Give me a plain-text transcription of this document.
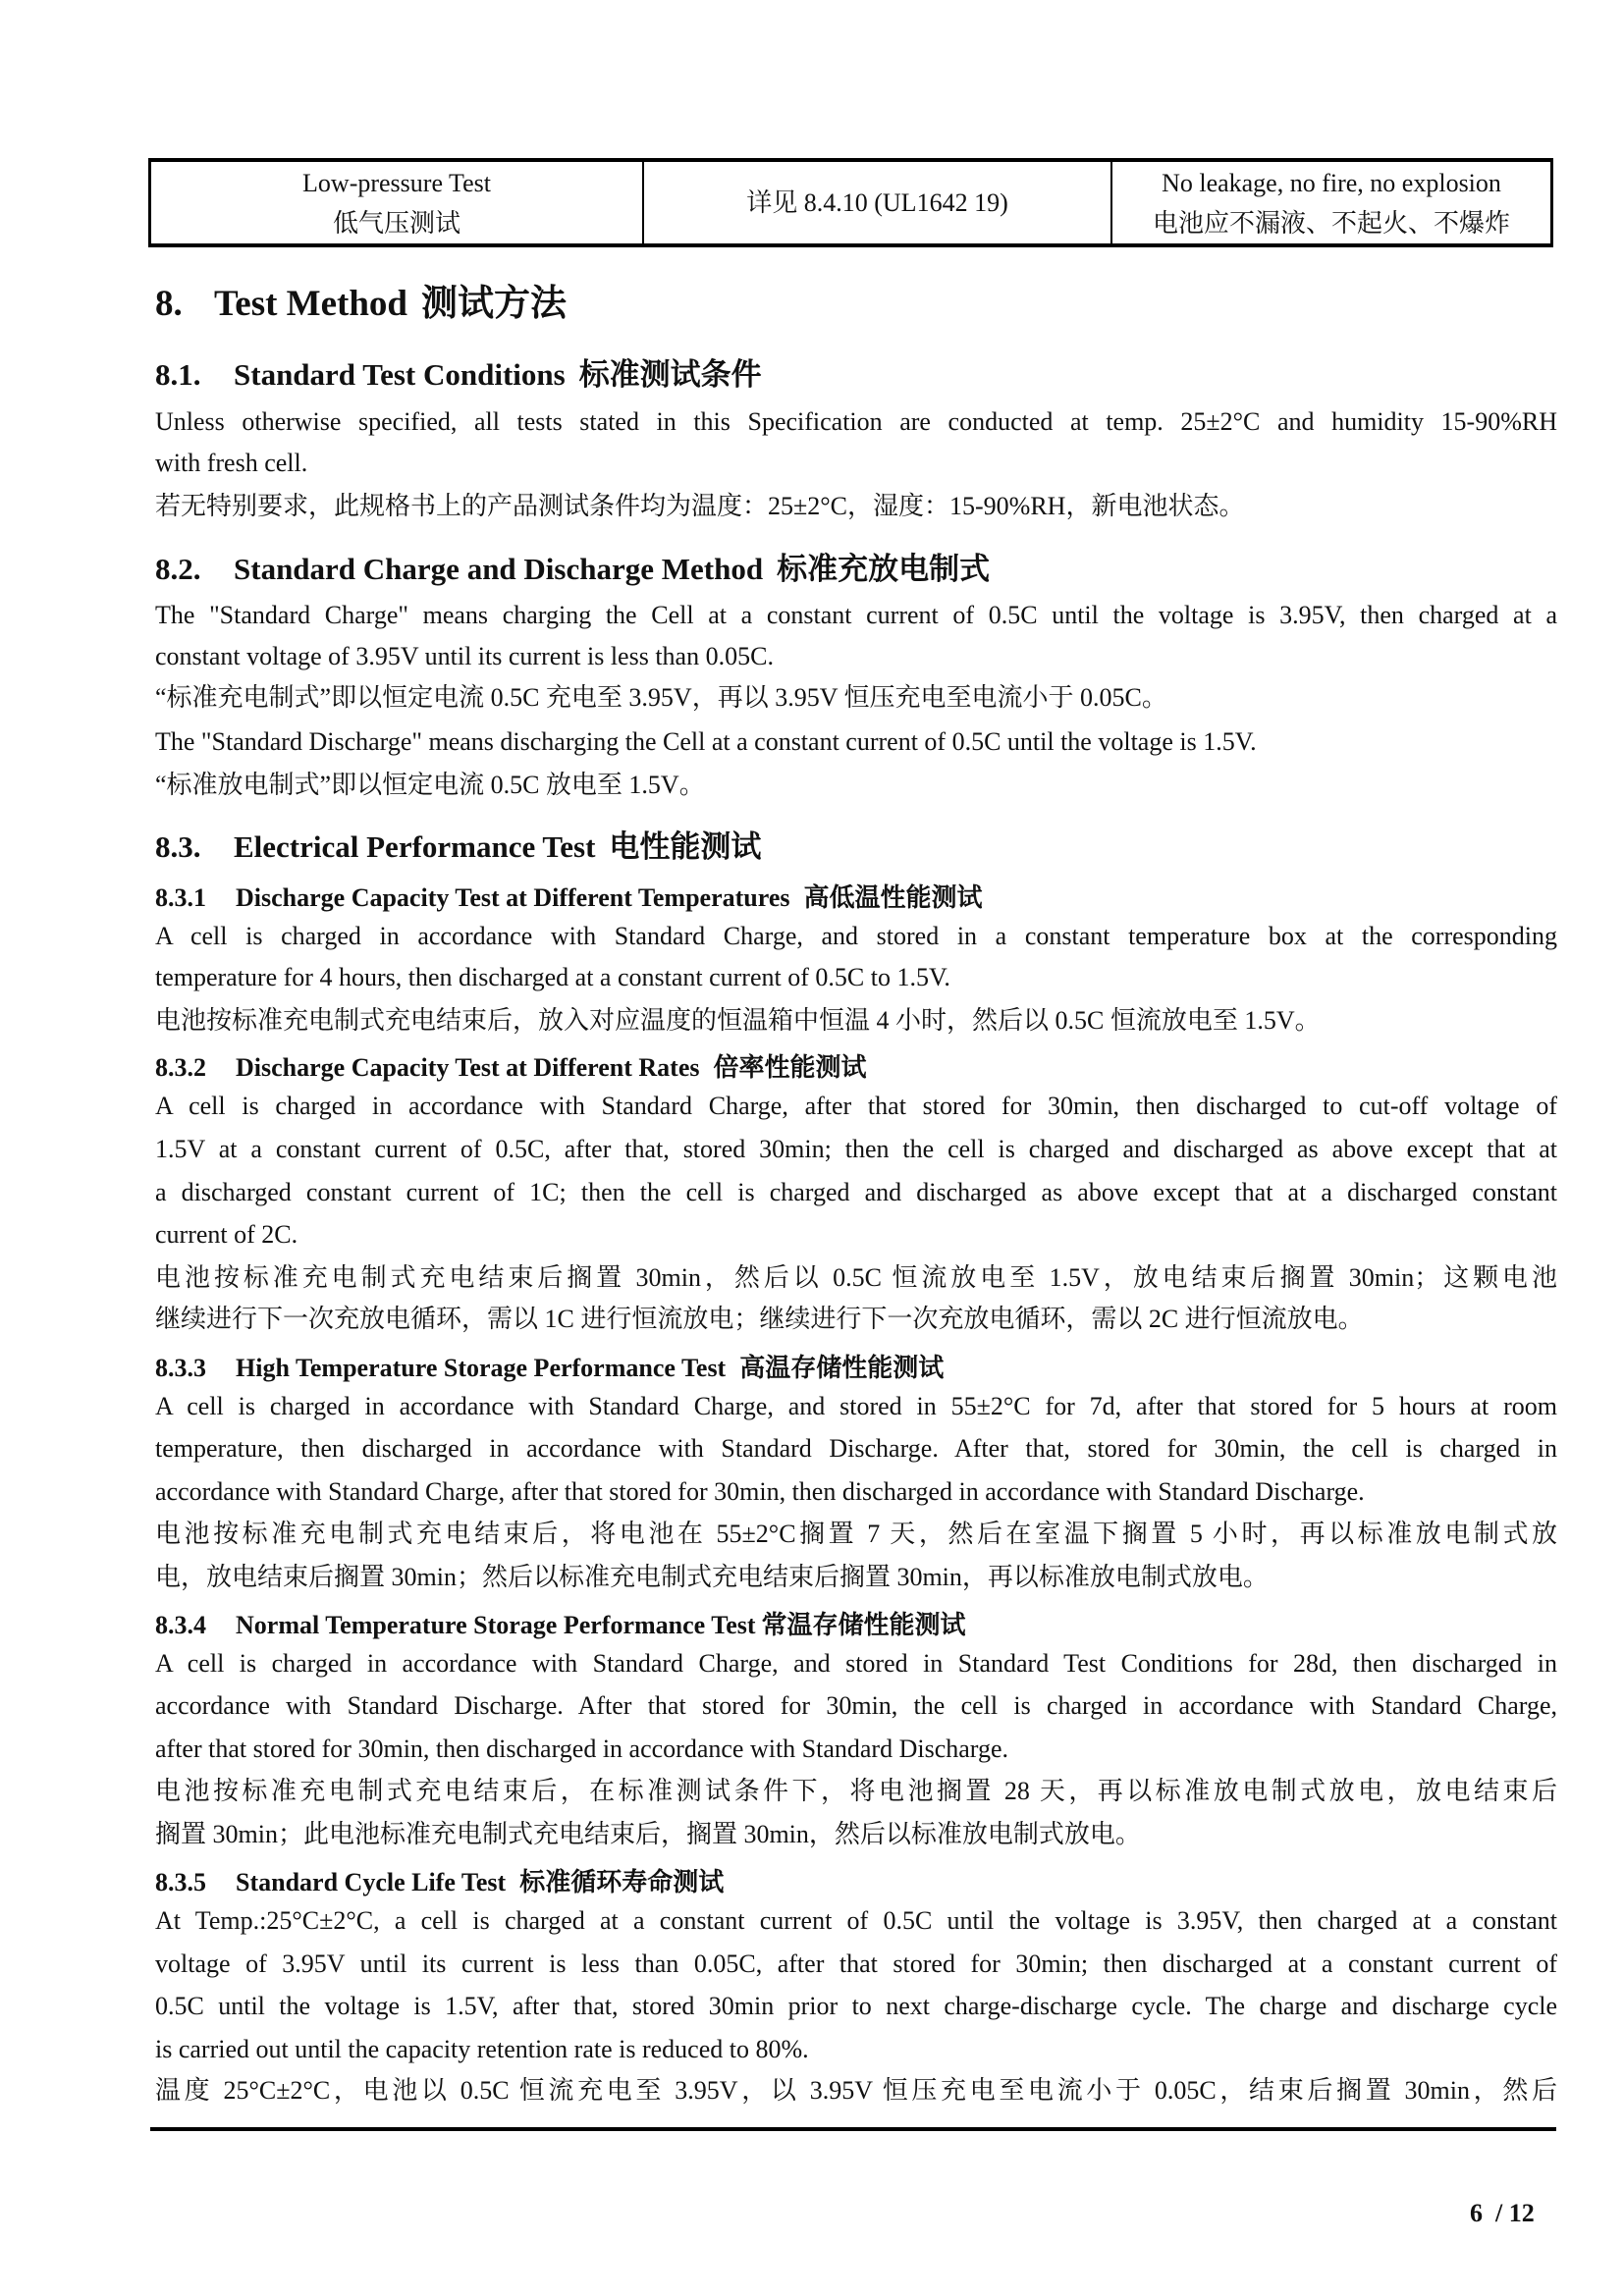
Low-pressure Test
低气压测试
详见 8.4.10 (UL1642 19)
No leakage, no fire, no explosion
电池应不漏液、不起火、不爆炸
8. Test Method 测试方法
8.1. Standard Test Conditions 标准测试条件
Unless otherwise specified, all tests stated in this Specification are conducted at temp. 25±2°C and humidity 15-90%RH
with fresh cell.
若无特别要求，此规格书上的产品测试条件均为温度：25±2°C，湿度：15-90%RH，新电池状态。
8.2. Standard Charge and Discharge Method 标准充放电制式
The "Standard Charge" means charging the Cell at a constant current of 0.5C until the voltage is 3.95V, then charged at a
constant voltage of 3.95V until its current is less than 0.05C.
“标准充电制式”即以恒定电流 0.5C 充电至 3.95V，再以 3.95V 恒压充电至电流小于 0.05C。
The "Standard Discharge" means discharging the Cell at a constant current of 0.5C until the voltage is 1.5V.
“标准放电制式”即以恒定电流 0.5C 放电至 1.5V。
8.3. Electrical Performance Test 电性能测试
8.3.1 Discharge Capacity Test at Different Temperatures 高低温性能测试
A cell is charged in accordance with Standard Charge, and stored in a constant temperature box at the corresponding
temperature for 4 hours, then discharged at a constant current of 0.5C to 1.5V.
电池按标准充电制式充电结束后，放入对应温度的恒温箱中恒温 4 小时，然后以 0.5C 恒流放电至 1.5V。
8.3.2 Discharge Capacity Test at Different Rates 倍率性能测试
A cell is charged in accordance with Standard Charge, after that stored for 30min, then discharged to cut-off voltage of
1.5V at a constant current of 0.5C, after that, stored 30min; then the cell is charged and discharged as above except that at
a discharged constant current of 1C; then the cell is charged and discharged as above except that at a discharged constant
current of 2C.
电池按标准充电制式充电结束后搁置 30min，然后以 0.5C 恒流放电至 1.5V，放电结束后搁置 30min；这颗电池
继续进行下一次充放电循环，需以 1C 进行恒流放电；继续进行下一次充放电循环，需以 2C 进行恒流放电。
8.3.3 High Temperature Storage Performance Test 高温存储性能测试
A cell is charged in accordance with Standard Charge, and stored in 55±2°C for 7d, after that stored for 5 hours at room
temperature, then discharged in accordance with Standard Discharge. After that, stored for 30min, the cell is charged in
accordance with Standard Charge, after that stored for 30min, then discharged in accordance with Standard Discharge.
电池按标准充电制式充电结束后，将电池在 55±2°C搁置 7 天，然后在室温下搁置 5 小时，再以标准放电制式放
电，放电结束后搁置 30min；然后以标准充电制式充电结束后搁置 30min，再以标准放电制式放电。
8.3.4 Normal Temperature Storage Performance Test 常温存储性能测试
A cell is charged in accordance with Standard Charge, and stored in Standard Test Conditions for 28d, then discharged in
accordance with Standard Discharge. After that stored for 30min, the cell is charged in accordance with Standard Charge,
after that stored for 30min, then discharged in accordance with Standard Discharge.
电池按标准充电制式充电结束后，在标准测试条件下，将电池搁置 28 天，再以标准放电制式放电，放电结束后
搁置 30min；此电池标准充电制式充电结束后，搁置 30min，然后以标准放电制式放电。
8.3.5 Standard Cycle Life Test 标准循环寿命测试
At Temp.:25°C±2°C, a cell is charged at a constant current of 0.5C until the voltage is 3.95V, then charged at a constant
voltage of 3.95V until its current is less than 0.05C, after that stored for 30min; then discharged at a constant current of
0.5C until the voltage is 1.5V, after that, stored 30min prior to next charge-discharge cycle. The charge and discharge cycle
is carried out until the capacity retention rate is reduced to 80%.
温度 25°C±2°C，电池以 0.5C 恒流充电至 3.95V，以 3.95V 恒压充电至电流小于 0.05C，结束后搁置 30min，然后
6  / 12
